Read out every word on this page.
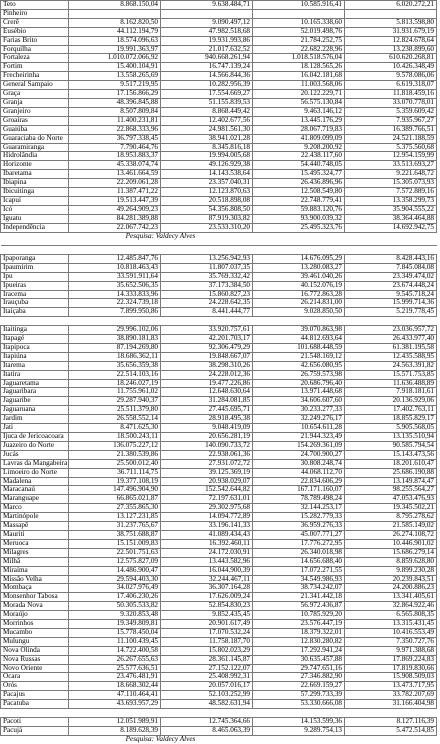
Teto	8.868.150,04	9.638.484,71	10.585.916,41	6.020.272,21
Pinheiro				
Crerê	8.162.820,50	9.090.497,12	10.165.338,60	5.813.598,80
Eusébio	44.112.194,79	47.982.518,68	52.019.498,76	31.931.679,19
Farias Brito	18.574.096,63	19.931.993,86	21.784.252,75	12.824.678,64
Forquilha	19.991.363,97	21.017.632,52	22.682.228,96	13.238.899,60
Fortaleza	1.010.072.066,92	940.668.261,94	1.018.518.576,04	610.620.268,81
Fortim	15.400.104,91	16.747.139,24	18.128.565,26	10.426.348,49
Frecheirinha	13.558.265,69	14.566.844,36	16.042.181,68	9.578.086,06
General Sampaio	9.517.219,95	10.282.956,39	11.003.568,06	6.619.318,07
Graça	17.156.866,29	17.554.669,27	20.122.229,71	11.818.459,16
Granja	48.396.845,88	51.155.839,53	56.575.130,84	33.070.778,01
Granjeiro	8.507.809,84	8.868.449,42	9.463.146,12	5.359.609,42
Groaíras	11.400.231,81	12.402.677,56	13.445.176,29	7.935.967,27
Guaiúba	22.868.333,96	24.981.561,30	28.067.719,83	16.389.766,51
Guaraciaba do Norte	36.797.338,45	38.941.021,28	41.809.099,09	24.521.188,59
Guaramiranga	7.790.464,76	8.345.816,18	9.208.200,92	5.375.560,68
Hidrolândia	18.953.883,37	19.994.005,68	22.438.117,60	12.954.159,99
Horizonte	45.338.074,74	49.126.929,38	54.440.748,05	33.513.693,27
Ibaretama	13.461.664,59	14.143.538,64	15.495.324,77	9.221.648,72
Ibiapina	22.209.061,28	23.357.040,31	26.436.896,96	15.305.073,93
Ibicuitinga	11.387.471,22	12.123.870,63	12.508.549,80	7.572.889,16
Icapuí	19.513.447,39	20.518.898,08	22.748.779,41	13.358.299,73
Icó	49.264.909,23	54.356.808,50	59.883.120,76	35.904.555,22
Iguatu	84.281.389,88	87.919.303,82	93.900.039,32	38.364.464,88
Independência	22.067.742,23	23.533.310,20	25.495.323,76	14.692.942,75
	Pesquisa: Valdecy Alves			

Ipaporanga	12.485.847,76	13.256.942,93	14.676.095,29	8.428.443,16
Ipaumirim	10.818.463,43	11.807.037,35	13.280.083,27	7.845.084,08
Ipu	33.591.911,64	35.769.332,42	39.461.040,26	23.349.474,02
Ipueiras	35.652.506,35	37.173.384,50	40.152.076,19	23.674.448,24
Iracema	14.333.833,96	15.860.827,23	16.772.863,28	9.545.718,24
Irauçuba	22.324.739,18	24.228.642,35	26.214.831,00	15.999.714,36
Itaiçaba	7.899.950,86	8.441.444,77	9.028.850,50	5.219.778,45

Itaitinga	29.996.102,06	33.920.757,61	39.070.863,98	23.036.957,72
Itapagé	38.890.181,83	42.201.703,17	44.812.693,64	26.433.977,40
Itapipoca	87.194.269,80	92.306.479,29	101.688.448,59	61.381.195,58
Itapiúna	18.686.362,11	19.848.667,07	21.548.169,12	12.435.588,95
Itarema	35.656.359,38	38.298.310,26	42.656.080,95	24.563.391,82
Itatira	22.514.103,16	24.228.012,36	26.759.573,98	15.571.753,85
Jaguaretama	18.246.027,19	19.477.226,86	20.686.796,40	11.636.488,89
Jaguaribara	11.755.961,02	12.648.630,64	13.971.448,68	7.918.181,61
Jaguaribe	29.287.940,37	31.284.081,85	34.606.607,60	20.136.929,06
Jaguaruana	25.511.379,80	27.445.695,71	30.233.277,33	17.402.763,11
Jardim	26.558.552,14	28.918.495,38	32.249.276,17	18.855.829,17
Jati	8.471.625,30	9.048.419,09	10.654.611,28	5.905.568,05
Ijuca de Jericoacoara	18.500.243,11	20.656.281,19	21.944.323,49	13.135.510,94
Juazeiro do Norte	136.075.227,12	140.090.733,72	154.269.361,09	90.585.794,54
Jucás	21.380.539,86	22.938.061,36	24.700.900,27	15.143.473,56
Lavras da Mangabeira	25.500.012,40	27.931.072,72	30.808.248,74	18.201.610,47
Limoeiro do Norte	36.711.114,75	39.125.369,19	44.068.112,70	25.686.190,88
Madalena	19.377.108,19	20.938.029,07	22.834.606,29	13.149.874,47
Maracanaú	147.496.904,90	152.542.644,82	167.171.160,07	98.255.564,27
Maranguape	66.865.021,87	72.197.631,01	78.789.498,24	47.053.476,93
Marco	27.355.865,30	29.302.975,68	32.144.253,17	19.345.502,21
Martinópole	13.127.231,85	14.094.772,89	15.282.779,33	8.795.278,62
Massapê	31.237.765,67	33.196.141,33	36.959.276,33	21.585.149,02
Mauriti	38.751.688,87	41.089.434,43	45.007.771,27	26.274.108,72
Meruoca	15.151.009,83	16.392.460,11	17.776.272,95	10.446.901,02
Milagres	22.501.751,63	24.172.030,91	26.340.018,98	15.686.279,14
Milhã	12.575.827,09	13.443.582,96	14.656.688,40	8.859.628,80
Miraíma	14.486.900,47	16.044.900,39	17.072.271,55	9.899.230,28
Missão Velha	29.594.403,30	32.244.467,11	34.549.986,93	20.239.843,51
Mombaça	34.027.976,49	36.307.164,28	38.734.242,07	24.200.886,23
Monsenhor Tabosa	17.406.230,26	17.626.009,24	21.341.442,18	13.341.405,61
Morada Nova	50.305.533,82	52.854.830,23	56.972.436,87	32.864.922,46
Moraújo	9.320.853,48	9.852.435,45	10.785.929,20	6.565.808,35
Morrinhos	19.349.809,81	20.901.617,49	23.576.447,19	13.315.431,45
Mucambo	15.778.450,04	17.070.532,24	18.379.322,01	10.416.553,49
Mulungu	11.100.439,45	11.758.187,70	12.830.280,82	7.350.727,76
Nova Olinda	14.722.400,58	15.802.023,29	17.292.941,24	9.971.388,68
Nova Russas	26.267.655,63	28.361.145,87	30.635.457,88	17.869.224,83
Novo Oriente	25.577.636,51	27.152.122,07	29.747.651,16	17.819.830,66
Ocara	23.476.481,91	25.408.992,31	27.346.882,90	15.908.509,03
Orós	18.668.302,44	20.057.016,17	22.669.159,27	13.473.717,95
Pacajus	47.110.464,41	52.103.252,99	57.299.733,39	33.782.207,69
Pacatuba	43.693.957,29	48.582.631,94	53.330.666,08	31.166.404,98

Pacoti	12.051.989,91	12.745.364,66	14.153.599,36	8.127.116,39
Pacujá	8.189.628,39	8.465.063,39	9.289.754,13	5.472.514,85
	Pesquisa: Valdecy Alves			
